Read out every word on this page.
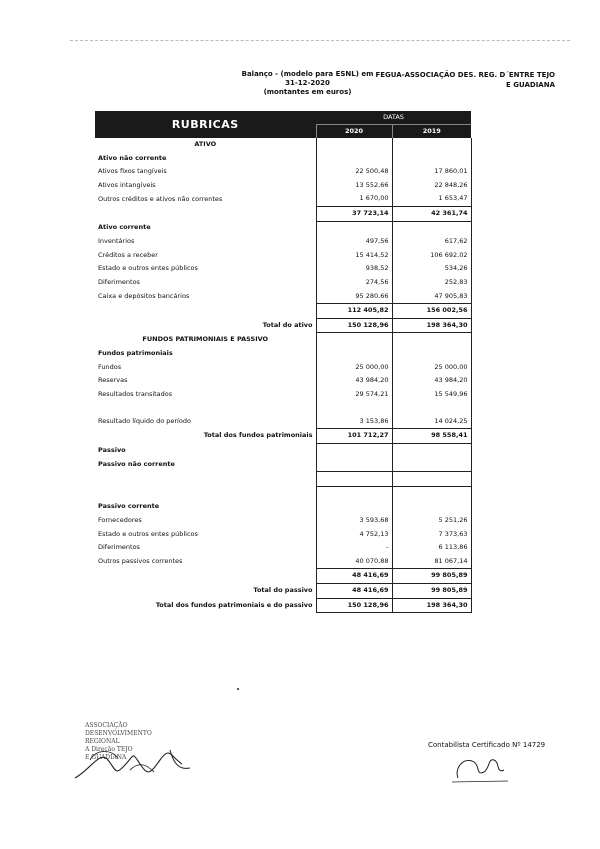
Balanço - (modelo para ESNL) em
31-12-2020
(montantes em euros)
FEGUA-ASSOCIAÇÃO DES. REG. D´ENTRE TEJO
E GUADIANA
RUBRICAS	DATAS	
	2020	2019
ATIVO		
Ativo não corrente		
Ativos fixos tangíveis	22 500,48	17 860,01
Ativos intangíveis	13 552,66	22 848,26
Outros créditos e ativos não correntes	1 670,00	1 653,47
	37 723,14	42 361,74
Ativo corrente		
Inventários	497,56	617,62
Créditos a receber	15 414,52	106 692,02
Estado e outros entes públicos	938,52	534,26
Diferimentos	274,56	252,83
Caixa e depósitos bancários	95 280,66	47 905,83
	112 405,82	156 002,56
Total do ativo	150 128,96	198 364,30
FUNDOS PATRIMONIAIS E PASSIVO		
Fundos patrimoniais		
Fundos	25 000,00	25 000,00
Reservas	43 984,20	43 984,20
Resultados transitados	29 574,21	15 549,96

Resultado líquido do período	3 153,86	14 024,25
Total dos fundos patrimoniais	101 712,27	98 558,41
Passivo		
Passivo não corrente		

Passivo corrente		
Fornecedores	3 593,68	5 251,26
Estado e outros entes públicos	4 752,13	7 373,63
Diferimentos	-	6 113,86
Outros passivos correntes	40 070,88	81 067,14
	48 416,69	99 805,89
Total do passivo	48 416,69	99 805,89
Total dos fundos patrimoniais e do passivo	150 128,96	198 364,30
ASSOCIAÇÃO DESENVOLVIMENTO
REGIONAL
A Direção TEJO
E GUADIANA
Contabilista Certificado Nº 14729
